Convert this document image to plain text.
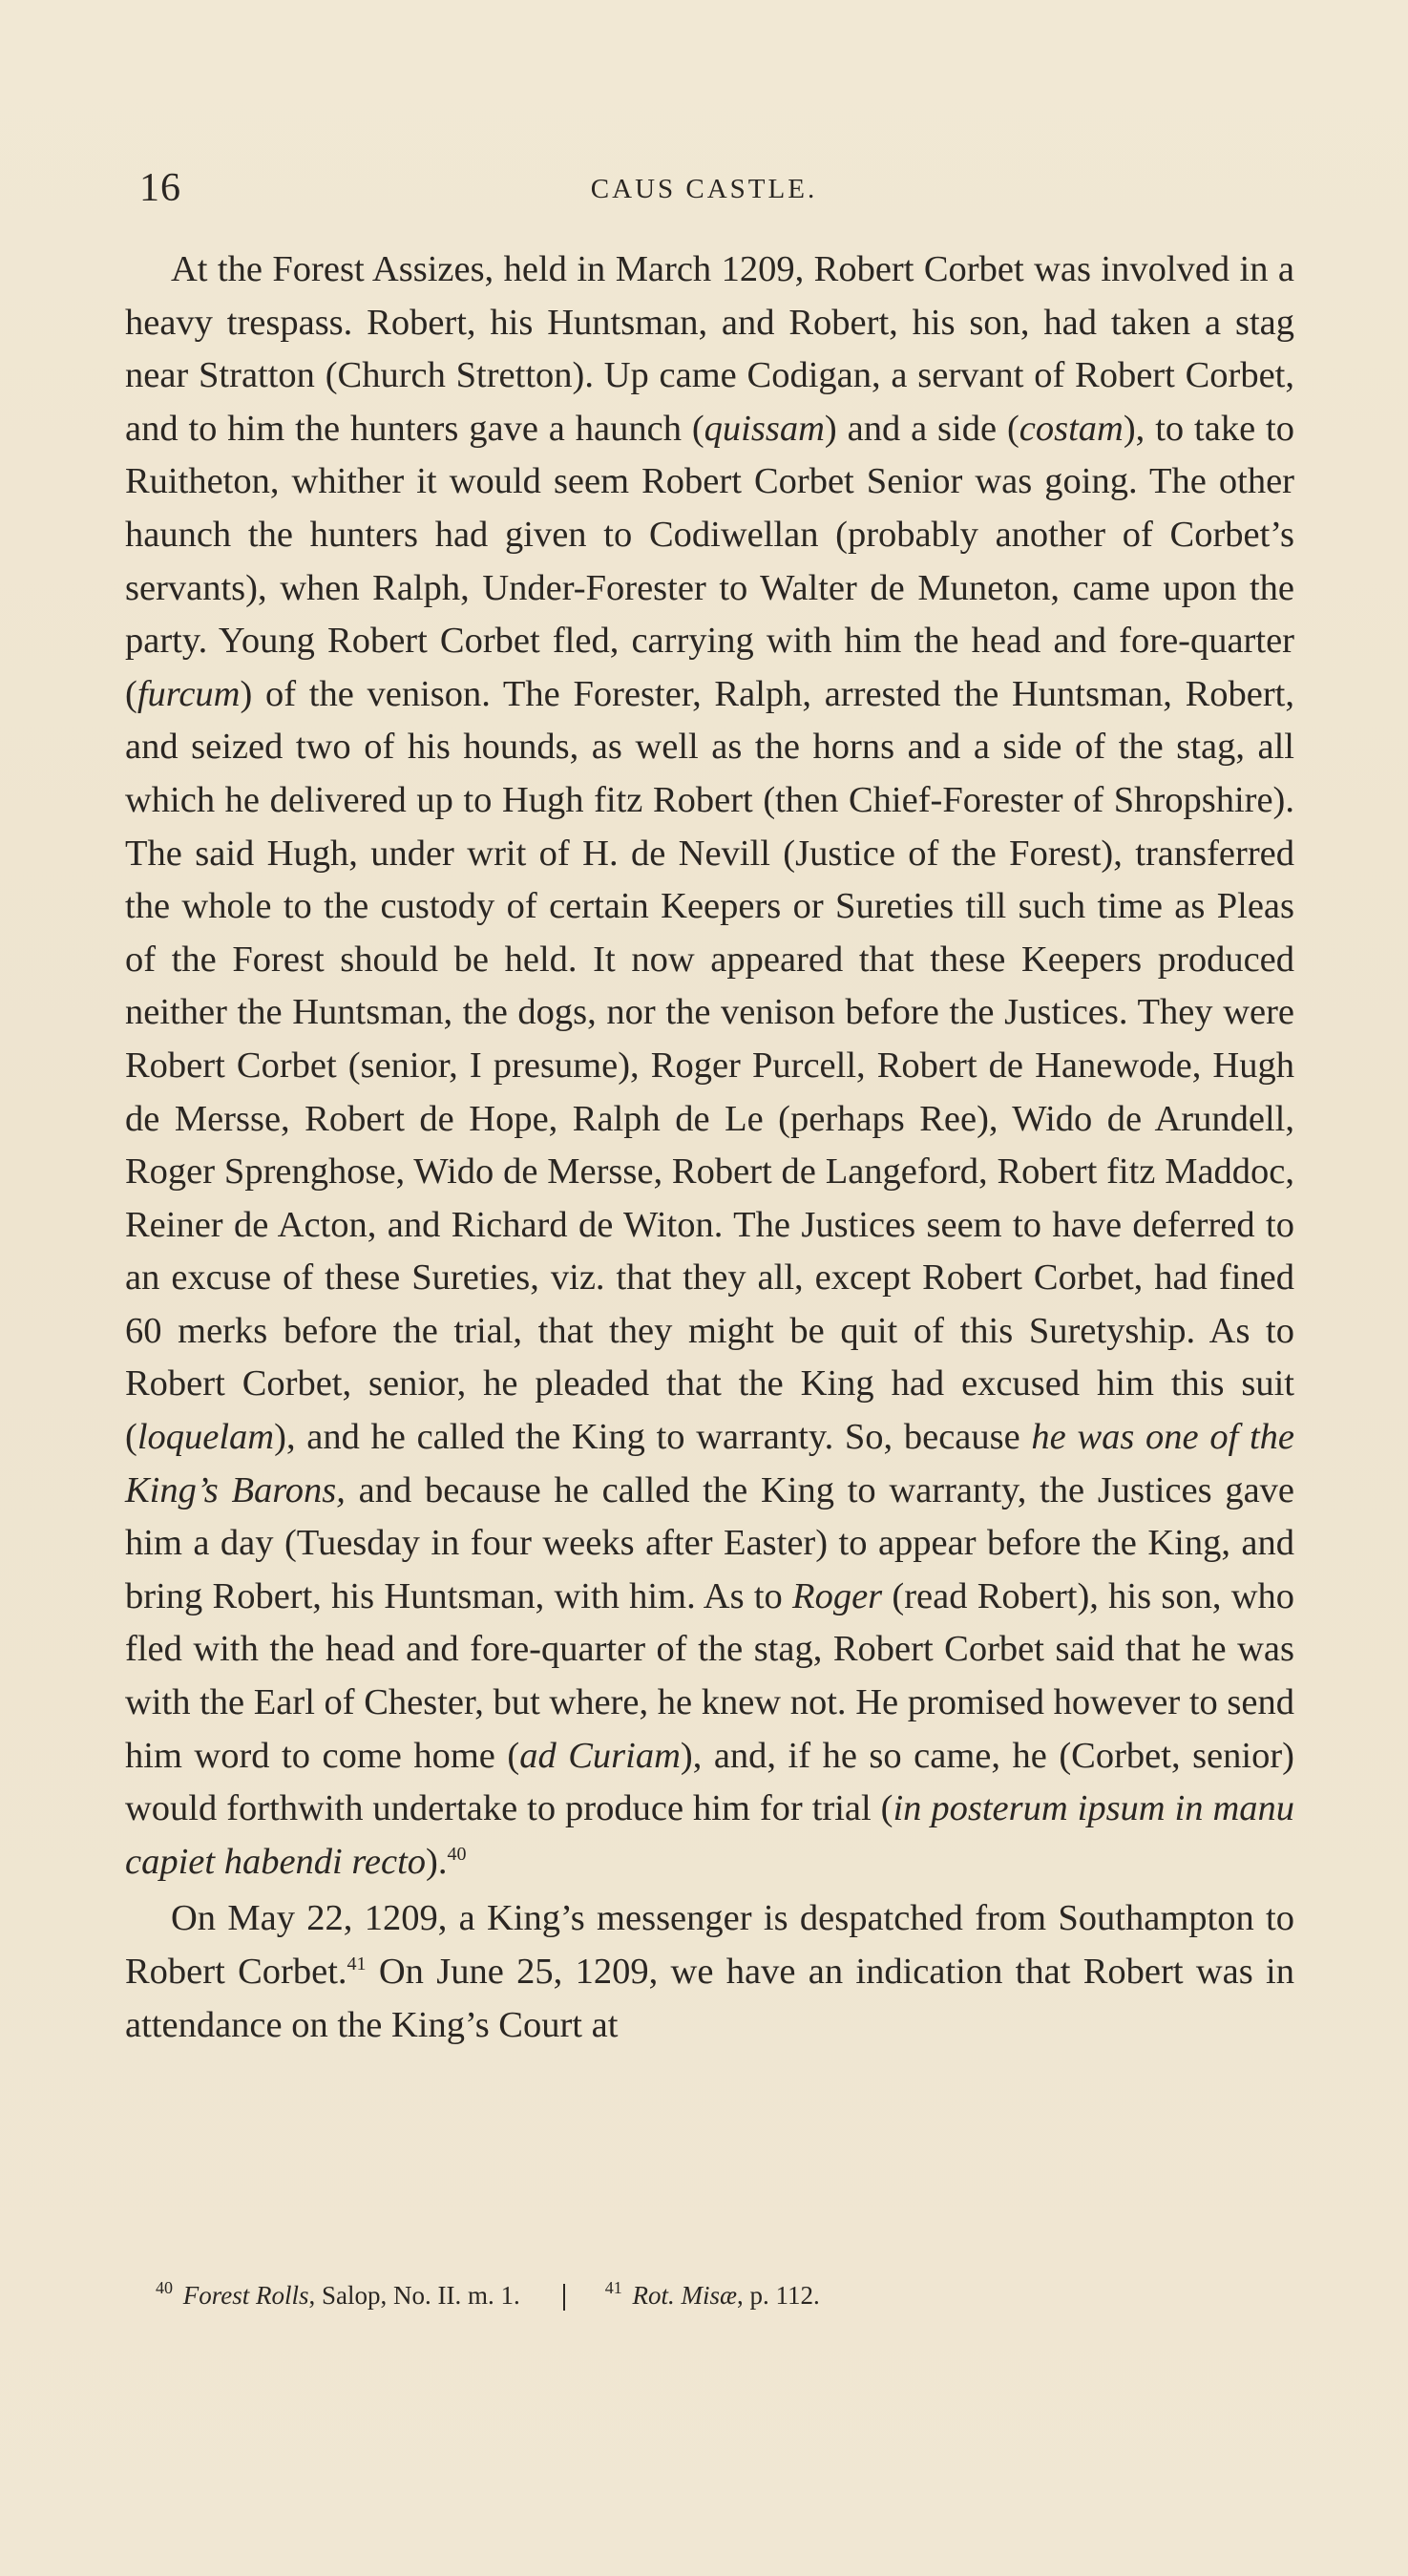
16	CAUS CASTLE.

At the Forest Assizes, held in March 1209, Robert Corbet was involved in a heavy trespass. Robert, his Huntsman, and Robert, his son, had taken a stag near Stratton (Church Stretton). Up came Codigan, a servant of Robert Corbet, and to him the hunters gave a haunch (quissam) and a side (costam), to take to Ruitheton, whither it would seem Robert Corbet Senior was going. The other haunch the hunters had given to Codiwellan (probably another of Corbet’s servants), when Ralph, Under-Forester to Walter de Muneton, came upon the party. Young Robert Corbet fled, carrying with him the head and fore-quarter (furcum) of the venison. The Forester, Ralph, arrested the Huntsman, Robert, and seized two of his hounds, as well as the horns and a side of the stag, all which he delivered up to Hugh fitz Robert (then Chief-Forester of Shropshire). The said Hugh, under writ of H. de Nevill (Justice of the Forest), transferred the whole to the custody of certain Keepers or Sureties till such time as Pleas of the Forest should be held. It now appeared that these Keepers produced neither the Huntsman, the dogs, nor the venison before the Justices. They were Robert Corbet (senior, I presume), Roger Purcell, Robert de Hanewode, Hugh de Mersse, Robert de Hope, Ralph de Le (perhaps Ree), Wido de Arundell, Roger Sprenghose, Wido de Mersse, Robert de Langeford, Robert fitz Maddoc, Reiner de Acton, and Richard de Witon. The Justices seem to have deferred to an excuse of these Sureties, viz. that they all, except Robert Corbet, had fined 60 merks before the trial, that they might be quit of this Suretyship. As to Robert Corbet, senior, he pleaded that the King had excused him this suit (loquelam), and he called the King to warranty. So, because he was one of the King’s Barons, and because he called the King to warranty, the Justices gave him a day (Tuesday in four weeks after Easter) to appear before the King, and bring Robert, his Huntsman, with him. As to Roger (read Robert), his son, who fled with the head and fore-quarter of the stag, Robert Corbet said that he was with the Earl of Chester, but where, he knew not. He promised however to send him word to come home (ad Curiam), and, if he so came, he (Corbet, senior) would forthwith undertake to produce him for trial (in posterum ipsum in manu capiet habendi recto).$^{40}$

On May 22, 1209, a King’s messenger is despatched from Southampton to Robert Corbet.$^{41}$ On June 25, 1209, we have an indication that Robert was in attendance on the King’s Court at

$^{40}$ Forest Rolls, Salop, No. II. m. 1.	$^{41}$ Rot. Misæ, p. 112.
